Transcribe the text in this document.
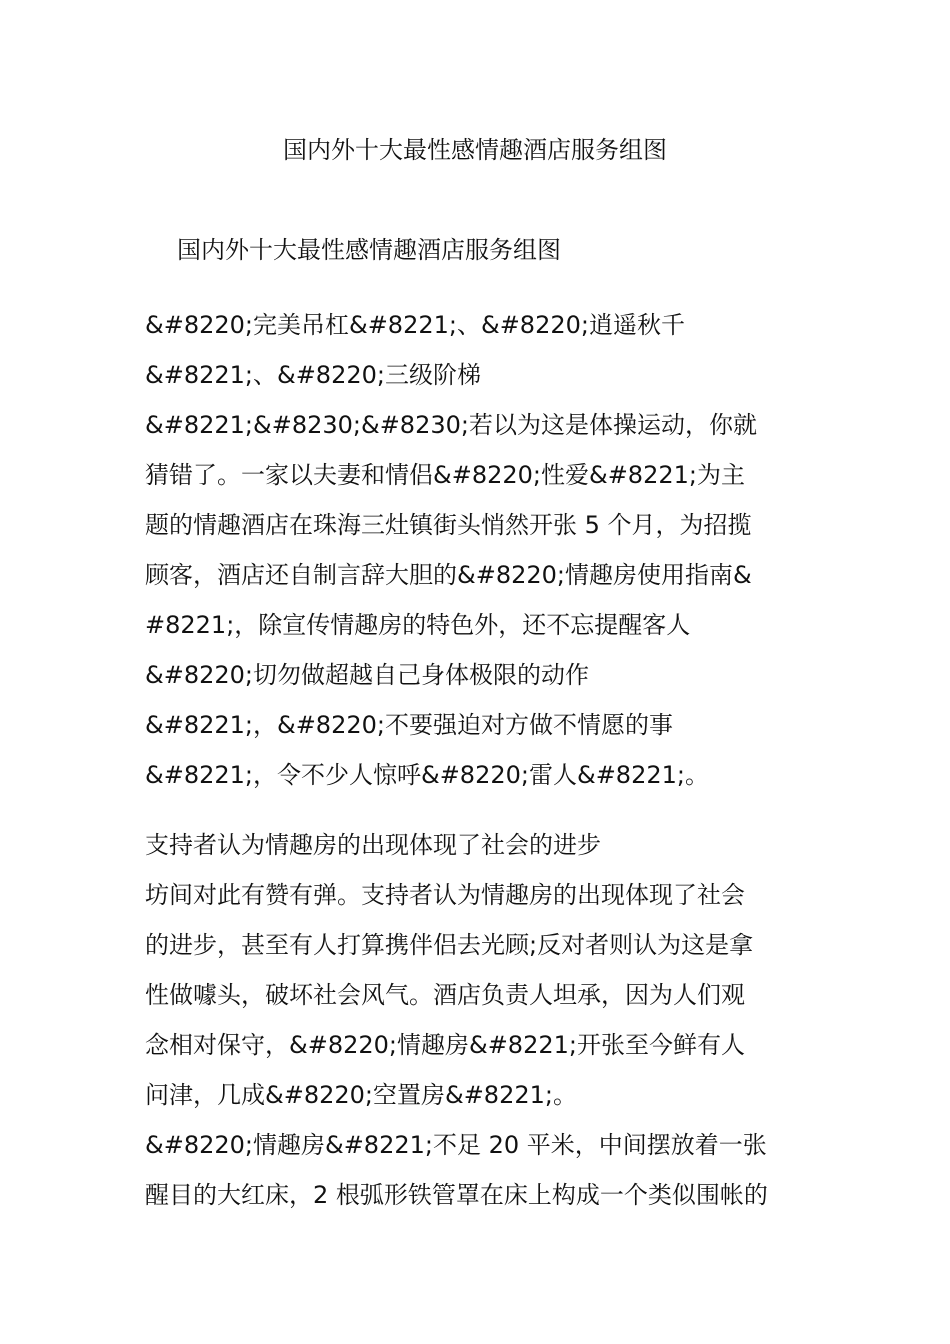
国内外十大最性感情趣酒店服务组图
国内外十大最性感情趣酒店服务组图
&#8220;完美吊杠&#8221;、&#8220;逍遥秋千
&#8221;、&#8220;三级阶梯
&#8221;&#8230;&#8230;若以为这是体操运动，你就
猜错了。一家以夫妻和情侣&#8220;性爱&#8221;为主
题的情趣酒店在珠海三灶镇街头悄然开张 5 个月，为招揽
顾客，酒店还自制言辞大胆的&#8220;情趣房使用指南&
#8221;，除宣传情趣房的特色外，还不忘提醒客人
&#8220;切勿做超越自己身体极限的动作
&#8221;，&#8220;不要强迫对方做不情愿的事
&#8221;，令不少人惊呼&#8220;雷人&#8221;。
支持者认为情趣房的出现体现了社会的进步
坊间对此有赞有弹。支持者认为情趣房的出现体现了社会
的进步，甚至有人打算携伴侣去光顾;反对者则认为这是拿
性做噱头，破坏社会风气。酒店负责人坦承，因为人们观
念相对保守，&#8220;情趣房&#8221;开张至今鲜有人
问津，几成&#8220;空置房&#8221;。
&#8220;情趣房&#8221;不足 20 平米，中间摆放着一张
醒目的大红床，2 根弧形铁管罩在床上构成一个类似围帐的
